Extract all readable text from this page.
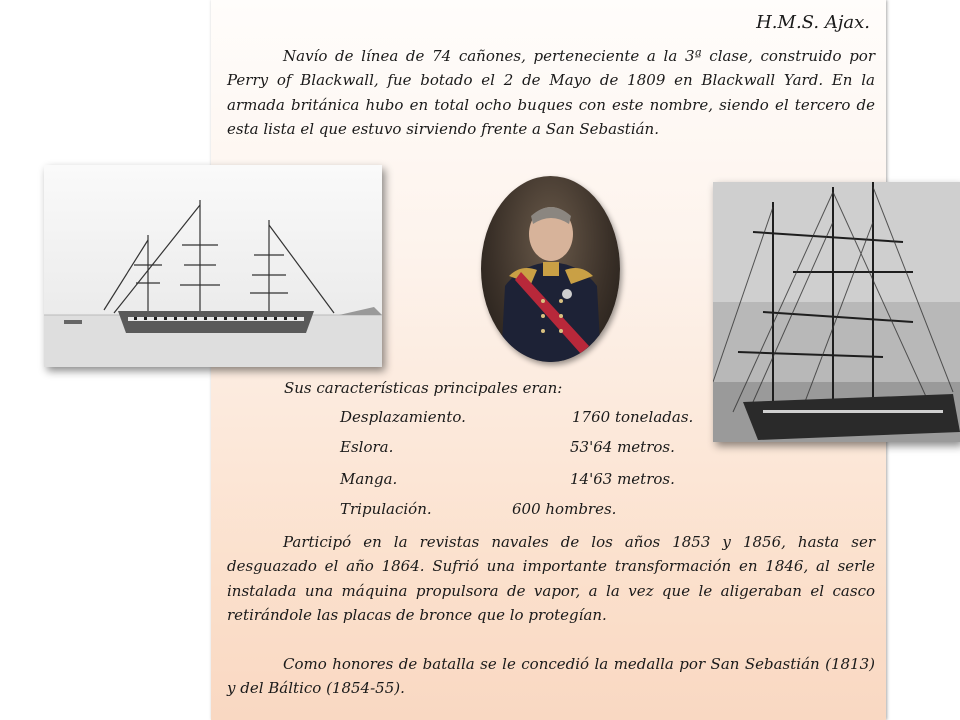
H.M.S. Ajax.

Navío de línea de 74 cañones, perteneciente a la 3ª clase, construido por Perry of Blackwall, fue botado el 2 de Mayo de 1809 en Blackwall Yard. En la armada británica hubo en total ocho buques con este nombre, siendo el tercero de esta lista el que estuvo sirviendo frente a San Sebastián.

Sus características principales eran:
Desplazamiento.	1760 toneladas.
Eslora.	53'64 metros.
Manga.	14'63 metros.
Tripulación.	600 hombres.

Participó en la revistas navales de los años 1853 y 1856, hasta ser desguazado el año 1864. Sufrió una importante transformación en 1846, al serle instalada una máquina propulsora de vapor, a la vez que le aligeraban el casco retirándole las placas de bronce que lo protegían.

Como honores de batalla se le concedió la medalla por San Sebastián (1813) y del Báltico (1854-55).
